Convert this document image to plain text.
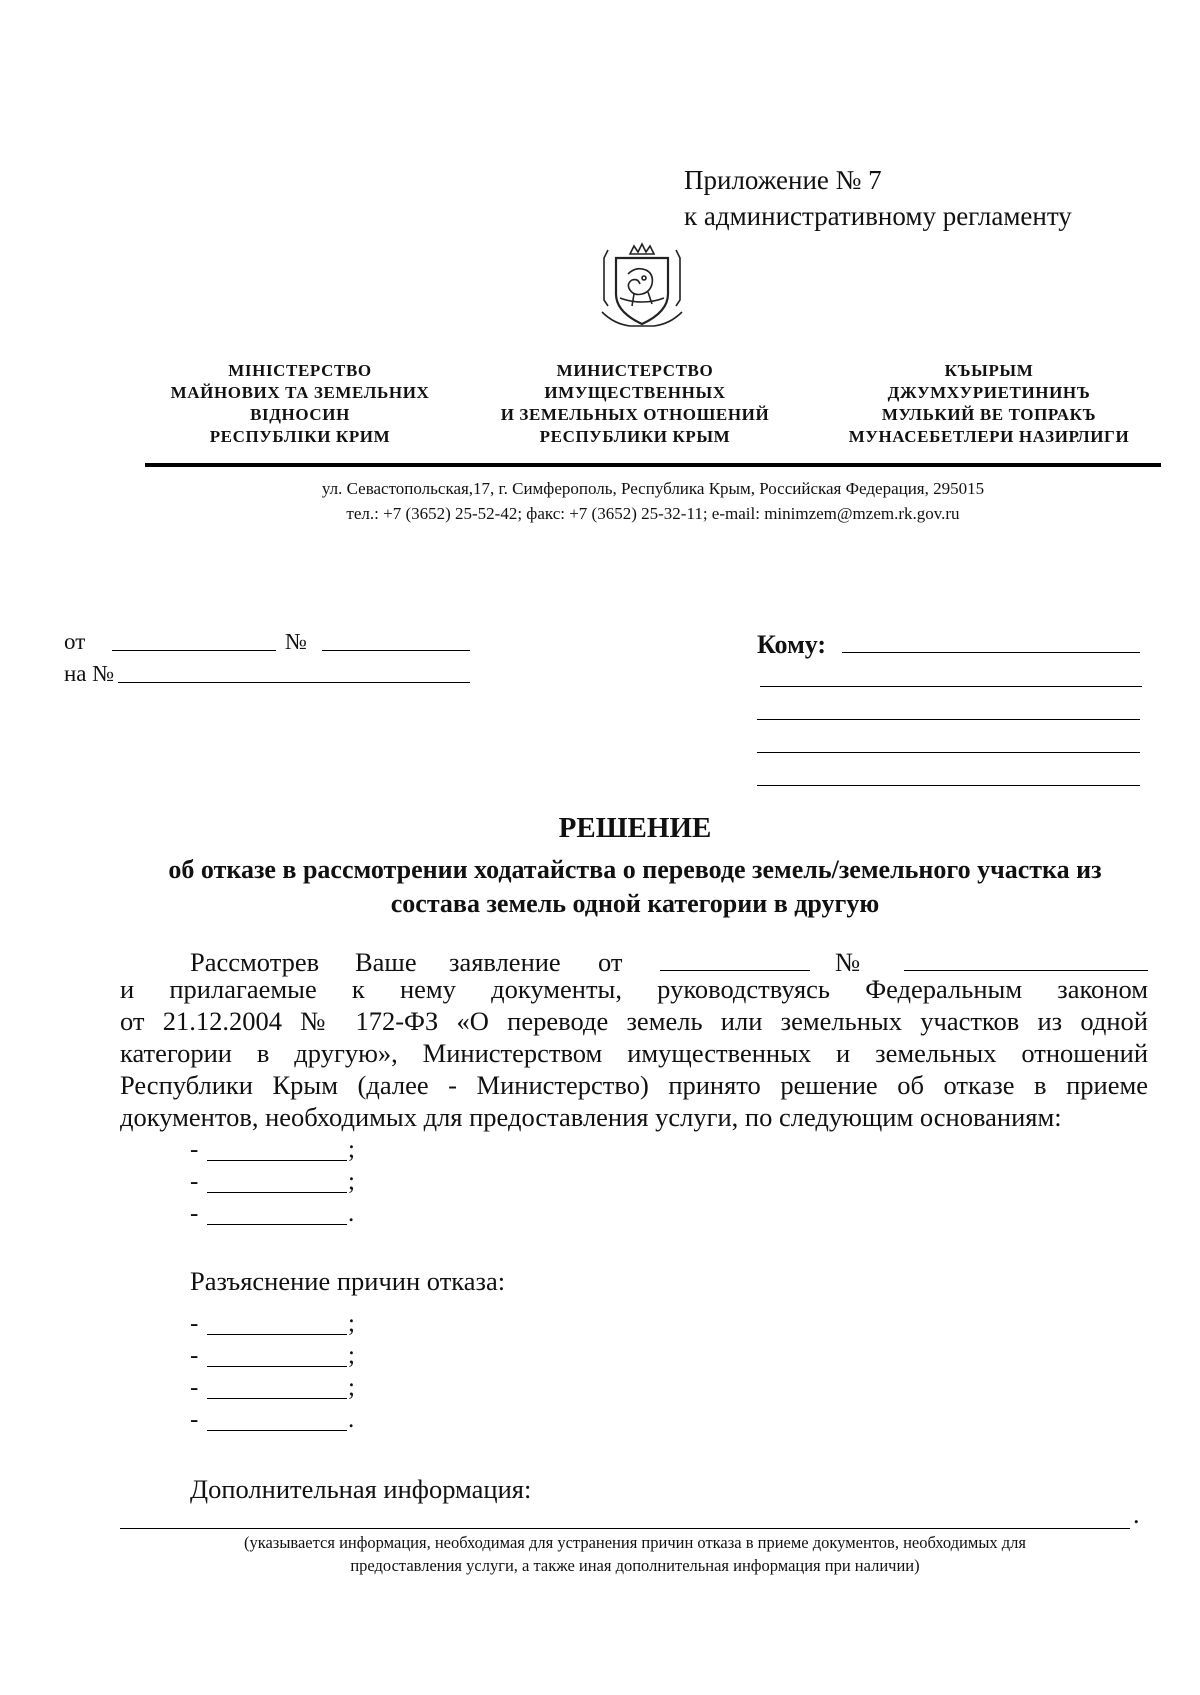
Приложение № 7
к административному регламенту
МІНІСТЕРСТВО
МАЙНОВИХ ТА ЗЕМЕЛЬНИХ
ВІДНОСИН
РЕСПУБЛІКИ КРИМ
МИНИСТЕРСТВО
ИМУЩЕСТВЕННЫХ
И ЗЕМЕЛЬНЫХ ОТНОШЕНИЙ
РЕСПУБЛИКИ КРЫМ
КЪЫРЫМ
ДЖУМХУРИЕТИНИНЪ
МУЛЬКИЙ ВЕ ТОПРАКЪ
МУНАСЕБЕТЛЕРИ НАЗИРЛИГИ
ул. Севастопольская,17, г. Симферополь, Республика Крым, Российская Федерация, 295015
тел.: +7 (3652) 25-52-42; факс: +7 (3652) 25-32-11; e-mail: minimzem@mzem.rk.gov.ru
от	№
на №
Кому:
РЕШЕНИЕ
об отказе в рассмотрении ходатайства о переводе земель/земельного участка из
состава земель одной категории в другую
Рассмотрев Ваше заявление от	№
и прилагаемые к нему документы, руководствуясь Федеральным законом
от 21.12.2004 № 172-ФЗ «О переводе земель или земельных участков из одной
категории в другую», Министерством имущественных и земельных отношений
Республики Крым (далее - Министерство) принято решение об отказе в приеме
документов, необходимых для предоставления услуги, по следующим основаниям:
-	;
-	;
-	.
Разъяснение причин отказа:
-	;
-	;
-	;
-	.
Дополнительная информация:
.
(указывается информация, необходимая для устранения причин отказа в приеме документов, необходимых для
предоставления услуги, а также иная дополнительная информация при наличии)
